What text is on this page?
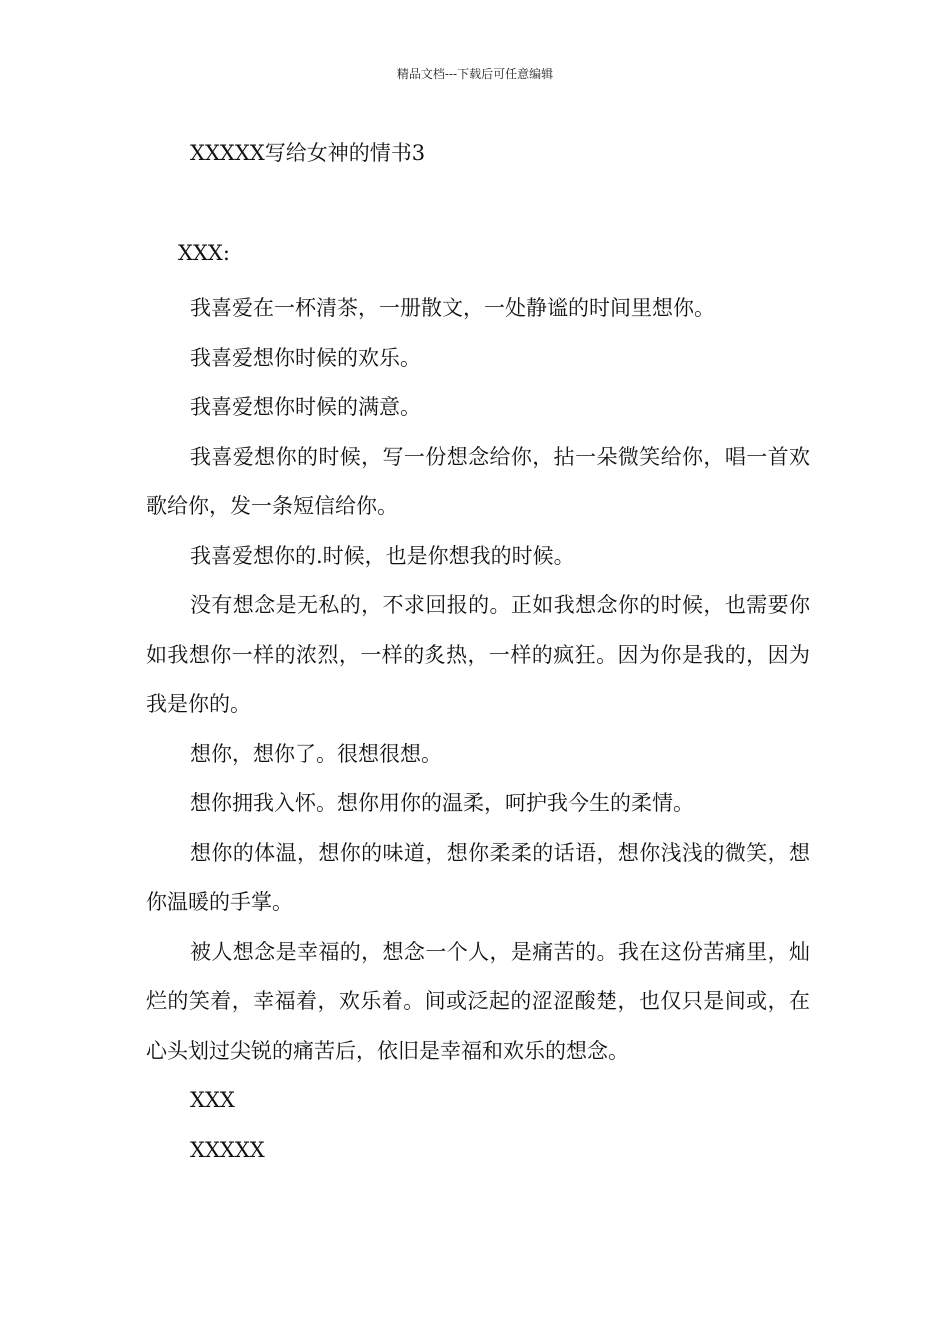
精品文档---下载后可任意编辑
XXXXX写给女神的情书3
XXX:

我喜爱在一杯清茶，一册散文，一处静谧的时间里想你。

我喜爱想你时候的欢乐。

我喜爱想你时候的满意。

我喜爱想你的时候，写一份想念给你，拈一朵微笑给你，唱一首欢歌给你，发一条短信给你。

我喜爱想你的.时候，也是你想我的时候。

没有想念是无私的，不求回报的。正如我想念你的时候，也需要你如我想你一样的浓烈，一样的炙热，一样的疯狂。因为你是我的，因为我是你的。

想你，想你了。很想很想。

想你拥我入怀。想你用你的温柔，呵护我今生的柔情。

想你的体温，想你的味道，想你柔柔的话语，想你浅浅的微笑，想你温暖的手掌。

被人想念是幸福的，想念一个人，是痛苦的。我在这份苦痛里，灿烂的笑着，幸福着，欢乐着。间或泛起的涩涩酸楚，也仅只是间或，在心头划过尖锐的痛苦后，依旧是幸福和欢乐的想念。

XXX

XXXXX
